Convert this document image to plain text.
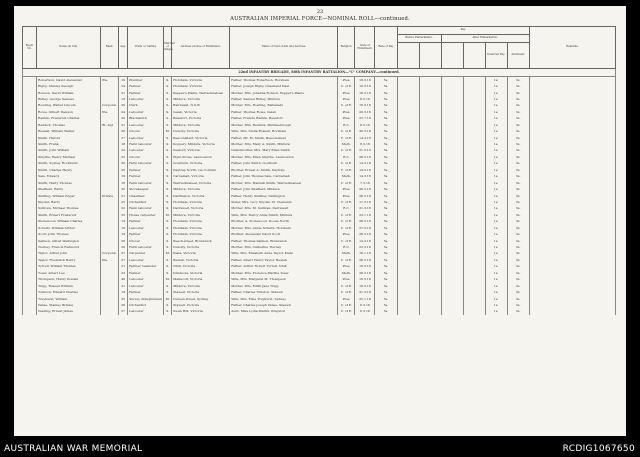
23
AUSTRALIAN IMPERIAL FORCE—NOMINAL ROLL—continued.
Regtl. No.	Name (in full).	Rank.	Age.	Trade or Calling.	Married or Single.	Address at time of Enlistment.	Name of Next-of-kin and Address.	Religion.	Date of Enlistment.	Rate of Pay	Pay.						Remarks.
											Before Embarkation.		After Embarkation.				
															Deferred Pay.	Allotment.	
22nd INFANTRY BRIGADE, 88th INFANTRY BATTALION—"C" COMPANY—continued.																	
	Robertson, David Alexander	Pte.	19	Plumber	S.	Horsham, Victoria	Father, Thomas Robertson, Horsham	Pres.	18.3.16	5s.					1s.	3s.	
	Rigby, Stanley Keough		24	Farmer	S.	Horsham, Victoria	Father, Joseph Rigby, Grassland Dam	C. of E.	16.3.16	5s.					1s.	3s.	
	Robson, David William		21	Farmer	S.	Pepper's Plains, Warracknabeal	Mother, Mrs. Johanna Robson, Pepper's Plains	Pres.	18.3.16	5s.					1s.	3s.	
	Ridley, George Samuel		18	Labourer	S.	Mildura, Victoria	Father, Samuel Ridley, Mildura	Pres.	8.3.16	5s.					1s.	3s.	
	Rowling, Walter Lincoln	Corporal	29	Clerk	S.	Balranald, N.S.W.	Mother, Mrs. Rowling, Balranald	C. of E.	16.3.16	5s.					1s.	3s.	
	Rowe, Gilbert Dawson	Pte.	24	Labourer	S.	Geleb, Victoria	Father, Thomas Rowe, Geleb	Pres.	20.3.16	5s.					1s.	3s.	
	Rankin, Frederick Charles		20	Blacksmith	S.	Beaufort, Victoria	Father, Francis Rankin, Beaufort	Pres.	23.7.16	5s.					1s.	3s.	
	Reddick, Thomas	Bt.-Sgt.	21	Labourer	S.	Mildura, Victoria	Mother, Mrs. Reddick, Middlesbrough	R.C.	8.3.16	5s.					1s.	3s.	
	Russell, William Walter		28	Grocer	M.	Dunolly, Victoria	Wife, Mrs. Stella Russell, Horsham	C. of E.	30.3.16	5s.					1s.	3s.	
	Smith, Harold		27	Labourer	S.	Beaconsfield, Victoria	Father, Mr. M. Smith, Beaconsfield	C. of E.	14.3.16	5s.					1s.	3s.	
	Smith, Frank		18	Farm labourer	S.	Koppery, Mildura, Victoria	Mother, Mrs. Mary A. Smith, Mildura	Meth.	8.3.16	5s.					1s.	3s.	
	Smith, John William		22	Labourer	S.	Seaford, Victoria	Grandmother, Mrs. Mary Ellen Smith	C. of E.	21.3.16	5s.					1s.	3s.	
	Smythe, Henry Michael		22	Grocer	S.	Elgin-Stone, Launceston	Mother, Mrs. Ellen Smythe, Launceston	R.C.	28.3.16	5s.					1s.	3s.	
	Smith, Sydney Rockhurst		20	Farm labourer	S.	Goulburn, Victoria	Father, John Smith, Goulburn	C. of E.	14.3.16	5s.					1s.	3s.	
	Smith, Charles Henry		20	Farmer	S.	Daytrap North, via Cobram	Brother, Ernest A. Smith, Daytrap	C. of E.	14.3.16	5s.					1s.	3s.	
	Sale, Edward		19	Farmer	S.	Carnamah, Victoria	Father, John Thomas Sale, Carnamah	Meth.	14.3.16	5s.					1s.	3s.	
	Smith, Harry Thomas		18	Farm labourer	S.	Warracknabeal, Victoria	Mother, Mrs. Hannah Smith, Warracknabeal	C. of E.	7.3.16	5s.					1s.	3s.	
	Sheffield, Harry		30	Storekeeper	S.	Mildura, Victoria	Father, John Sheffield, Mildura	Pres.	20.3.16	5s.					1s.	3s.	
	Smithey, William Edgar	Private	21	Chauffeur	S.	Darlington, Victoria	Father, Henry Smithey, Darlington	Pres.	28.3.16	5s.					1s.	3s.	
	Snyder, Harry		25	Orchardist	S.	Horsham, Victoria	Sister, Mrs. Lucy Snyder, St. Clements	C. of E.	11.3.16	5s.					1s.	3s.	
	Sullivan, Michael Thomas		22	Farm labourer	S.	Darraweit, Victoria	Mother, Mrs. M. Sullivan, Darraweit	R.C.	21.3.16	5s.					1s.	3s.	
	Smith, Robert Frederick		33	House carpenter	M.	Mildura, Victoria	Wife, Mrs. Mercy Anne Smith, Mildura	C. of E.	23.1.16	5s.					1s.	3s.	
	Stonewood, William Charles		19	Farmer	S.	Horsham, Victoria	Brother, A. Stonewood, Dooen North	C. of E.	28.3.16	5s.					1s.	3s.	
	Schultz, William Arthur		18	Labourer	S.	Horsham, Victoria	Mother, Mrs. Annie Schultz, Horsham	C. of E.	27.3.16	5s.					1s.	3s.	
	Scott, John Thomas		19	Farmer	S.	Horsham, Victoria	Brother, Alexander David Scott	Pres.	28.3.16	5s.					1s.	3s.	
	Salmon, Alfred Wellington		28	Drover	S.	Beech-street, Brunswick	Father, Thomas Salmon, Brunswick	C. of E.	14.3.16	5s.					1s.	3s.	
	Tierney, Francis Redmond		20	Farm labourer	S.	Dunolly, Victoria	Mother, Mrs. Catherine Tierney	R.C.	23.3.16	5s.					1s.	3s.	
	Taylor, Alfred John	Corporal	27	Carpenter	M.	Kiata, Victoria	Wife, Mrs. Elizabeth Anne Taylor, Kiata	Meth.	18.1.16	5s.					1s.	3s.	
	Taylor, Frederick Henry	Pte.	27	Labourer	S.	Beulah, Victoria	Father, Albert Henry Taylor, Beulah	C. of E.	28.3.16	5s.					1s.	3s.	
	Tyrrell, William Thomas		21	Farmer, teamster	S.	Nhill, Victoria	Father, Arthur Robert Tyrrell, Nhill	Pres.	18.3.16	5s.					1s.	3s.	
	Tozer, Albert Lee		23	Farmer	S.	Dimboola, Victoria	Mother, Mrs. Florence Martha Tozer	Meth.	28.3.16	5s.					1s.	3s.	
	Thompson, Henry Donald		40	Labourer	M.	Mallacott, Victoria	Wife, Mrs. Margaret M. Thompson	Pres.	16.3.16	5s.					1s.	3s.	
	Trigg, Russell William		21	Labourer	S.	Mildura, Victoria	Mother, Mrs. Edith Jane Trigg	C. of E.	18.3.16	5s.					1s.	3s.	
	Tullston, Edward Charles		19	Farmer	S.	Stawell, Victoria	Father, Charles Tullston, Stawell	C. of E.	31.3.16	5s.					1s.	3s.	
	Treyhurst, William		35	Survey draughtsman	M.	Dureen-street, Sydney	Wife, Mrs. Elsie Treyhurst, Sydney	Pres.	25.1.16	5s.					1s.	3s.	
	Vanse, Stanley Brinley		26	Orchardist	S.	Stawell, Victoria	Father, Charles Joseph Vanse, Stawell	C. of E.	6.3.16	5s.					1s.	3s.	
	Vearing, Ernest James		27	Labourer	S.	Swan Hill, Victoria	Aunt, Miss Lydia Martin, Kingston	C. of E.	6.3.16	5s.					1s.	3s.	
AUSTRALIAN WAR MEMORIAL	RCDIG1067650
